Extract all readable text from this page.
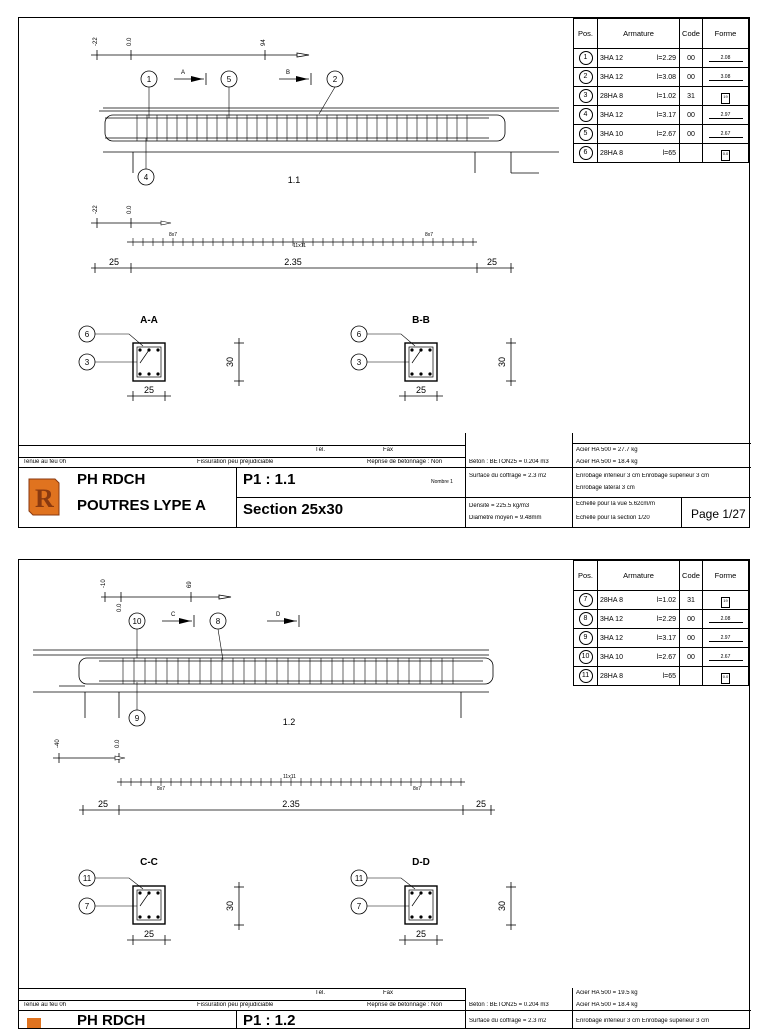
-22	0.0	94
A	B
1	5	2
4	1.1
-22	0.0
8x7
11x11
8x7
25	2.35	25
A-A
6
3
25
30
B-B
6
3
25
30
Pos.	Armature	Code	Forme
1	3HA 12 l=2.29	00	2.08
2	3HA 12 l=3.08	00	3.08
3	28HA 8 l=1.02	31	19
4	3HA 12 l=3.17	00	2.97
5	3HA 10 l=2.67	00	2.67
6	28HA 8 l=65		0.0
Tél.	Fax
Tenue au feu 0h	Fissuration peu préjudiciable	Reprise de bétonnage : Non
R
PH RDCH
POUTRES LYPE A
P1 : 1.1
Section 25x30
Nombre 1
Béton : BETON25 = 0.204 m3
Surface du coffrage = 2.3 m2
Densité = 225.5 kg/m3
Diamètre moyen = 9.48mm
Acier HA 500 = 27.7 kg
Acier HA 500 = 18.4 kg
Enrobage inférieur 3 cm Enrobage supérieur 3 cm
Enrobage latéral 3 cm
Echelle pour la vue 5.62cm/m
Echelle pour la section 1/20	Page 1/27
-10
0.0
69
C	D
10	8
9	1.2
-40	0.0
8x7
11x11
8x7
25	2.35	25
C-C
11
7
25
30
D-D
11
7
25
30
Pos.	Armature	Code	Forme
7	28HA 8 l=1.02	31	19
8	3HA 12 l=2.29	00	2.08
9	3HA 12 l=3.17	00	2.97
10	3HA 10 l=2.67	00	2.67
11	28HA 8 l=65		0.0
Tél.	Fax
Tenue au feu 0h	Fissuration peu préjudiciable	Reprise de bétonnage : Non
PH RDCH	P1 : 1.2
Béton : BETON25 = 0.204 m3
Surface du coffrage = 2.3 m2
Acier HA 500 = 19.5 kg
Acier HA 500 = 18.4 kg
Enrobage inférieur 3 cm Enrobage supérieur 3 cm
